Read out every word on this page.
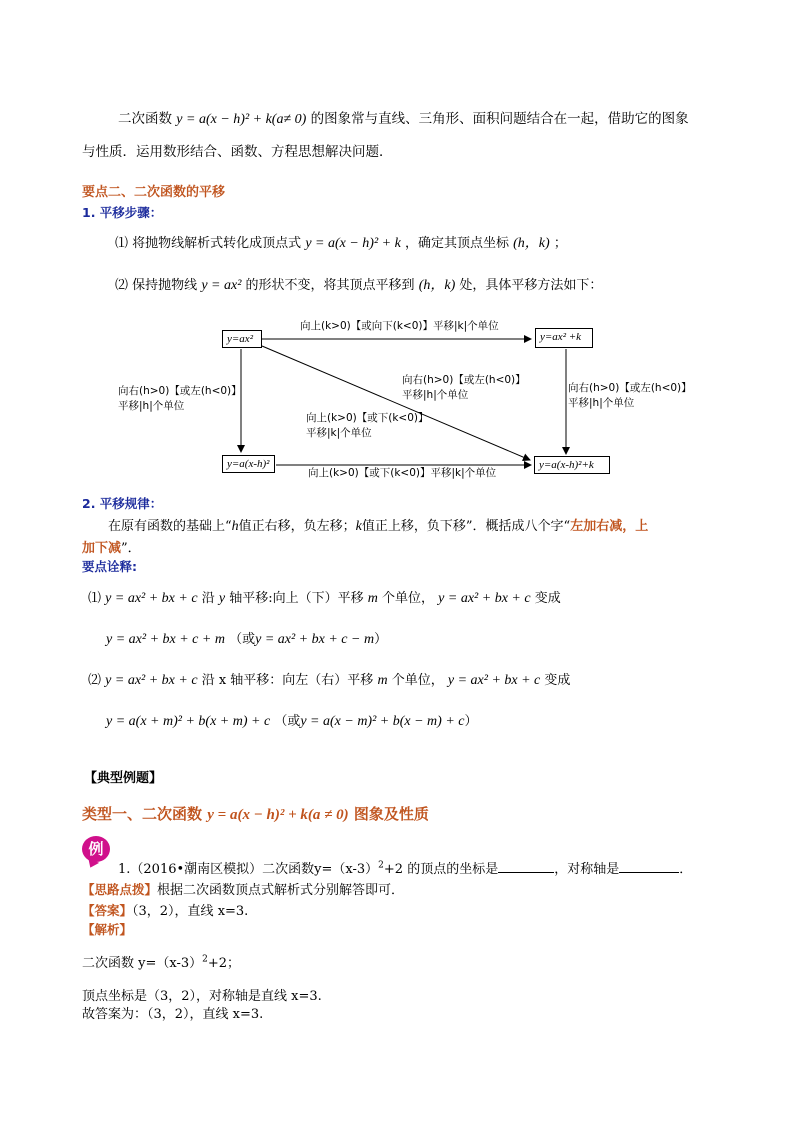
二次函数 y = a(x − h)² + k(a≠ 0) 的图象常与直线、三角形、面积问题结合在一起，借助它的图象
与性质．运用数形结合、函数、方程思想解决问题．
要点二、二次函数的平移
1. 平移步骤：
⑴ 将抛物线解析式转化成顶点式 y = a(x − h)² + k ，确定其顶点坐标 (h，k) ；
⑵ 保持抛物线 y = ax² 的形状不变，将其顶点平移到 (h，k) 处，具体平移方法如下：
y=ax²	y=ax² +k
y=a(x-h)²	y=a(x-h)²+k
向上(k>0)【或向下(k<0)】平移|k|个单位
向右(h>0)【或左(h<0)】
平移|h|个单位
向右(h>0)【或左(h<0)】
平移|h|个单位
向右(h>0)【或左(h<0)】
平移|h|个单位
向上(k>0)【或下(k<0)】
平移|k|个单位
向上(k>0)【或下(k<0)】平移|k|个单位
2. 平移规律：
在原有函数的基础上“h值正右移，负左移；k值正上移，负下移”．概括成八个字“左加右减，上
加下减”．
要点诠释:
⑴ y = ax² + bx + c 沿 y 轴平移:向上（下）平移 m 个单位， y = ax² + bx + c 变成
y = ax² + bx + c + m （或y = ax² + bx + c − m）
⑵ y = ax² + bx + c 沿 x 轴平移：向左（右）平移 m 个单位， y = ax² + bx + c 变成
y = a(x + m)² + b(x + m) + c （或y = a(x − m)² + b(x − m) + c）
【典型例题】
类型一、二次函数 y = a(x − h)² + k(a ≠ 0) 图象及性质
例
1.（2016•潮南区模拟）二次函数$y=(x-3)^2+2$ 的顶点的坐标是	，对称轴是	．
【思路点拨】根据二次函数顶点式解析式分别解答即可．
【答案】（3，2），直线 x=3.
【解析】
二次函数 $y=(x-3)^2+2$；
顶点坐标是（3，2），对称轴是直线 x=3.
故答案为：（3，2），直线 x=3.
